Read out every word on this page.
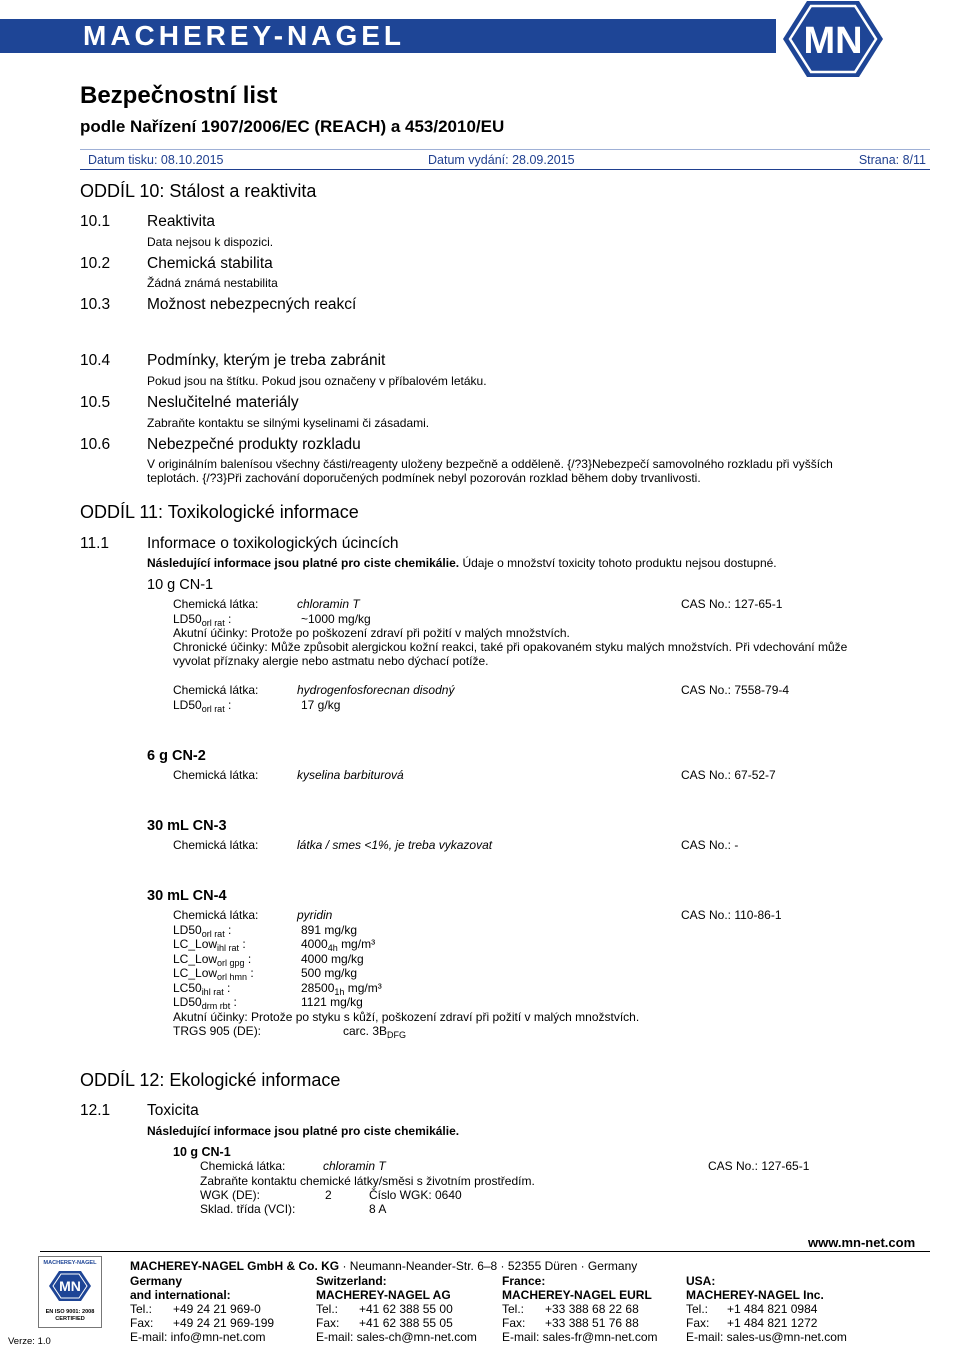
MACHEREY-NAGEL	MN
Bezpečnostní list
podle Nařízení 1907/2006/EC (REACH) a 453/2010/EU
Datum tisku: 08.10.2015	Datum vydání: 28.09.2015	Strana: 8/11
ODDÍL 10: Stálost a reaktivita
10.1 Reaktivita
Data nejsou k dispozici.
10.2 Chemická stabilita
Žádná známá nestabilita
10.3 Možnost nebezpecných reakcí
10.4 Podmínky, kterým je treba zabránit
Pokud jsou na štítku. Pokud jsou označeny v příbalovém letáku.
10.5 Neslučitelné materiály
Zabraňte kontaktu se silnými kyselinami či zásadami.
10.6 Nebezpečné produkty rozkladu
V originálním balenísou všechny části/reagenty uloženy bezpečně a odděleně. {/?3}Nebezpečí samovolného rozkladu při vyšších
teplotách. {/?3}Při zachování doporučených podmínek nebyl pozorován rozklad během doby trvanlivosti.
ODDÍL 11: Toxikologické informace
11.1 Informace o toxikologických úcincích
Následující informace jsou platné pro ciste chemikálie. Údaje o množství toxicity tohoto produktu nejsou dostupné.
10 g CN-1
Chemická látka:	chloramin T	CAS No.: 127-65-1
$LD50_{orl rat}$ :	~1000 mg/kg
Akutní účinky: Protože po poškození zdraví při požití v malých množstvích.
Chronické účinky: Může způsobit alergickou kožní reakci, také při opakovaném styku malých množstvích. Při vdechování může
vyvolat příznaky alergie nebo astmatu nebo dýchací potíže.
Chemická látka:	hydrogenfosforecnan disodný	CAS No.: 7558-79-4
$LD50_{orl rat}$ :	17 g/kg
6 g CN-2
Chemická látka:	kyselina barbiturová	CAS No.: 67-52-7
30 mL CN-3
Chemická látka:	látka / smes <1%, je treba vykazovat	CAS No.: -
30 mL CN-4
Chemická látka:	pyridin	CAS No.: 110-86-1
$LD50_{orl rat}$ :	891 mg/kg
LC_Low$_{ihl rat}$ :	$4000_{4h}$ mg/m³
LC_Low$_{orl gpg}$ :	4000 mg/kg
LC_Low$_{orl hmn}$ :	500 mg/kg
$LC50_{ihl rat}$ :	$28500_{1h}$ mg/m³
$LD50_{drm rbt}$ :	1121 mg/kg
Akutní účinky: Protože po styku s kůží, poškození zdraví při požití v malých množstvích.
TRGS 905 (DE):	carc. $3B_{DFG}$
ODDÍL 12: Ekologické informace
12.1 Toxicita
Následující informace jsou platné pro ciste chemikálie.
10 g CN-1
Chemická látka:	chloramin T	CAS No.: 127-65-1
Zabraňte kontaktu chemické látky/směsi s životním prostředím.
WGK (DE):	2	Číslo WGK: 0640
Sklad. třída (VCI):	8 A
www.mn-net.com
MACHEREY-NAGEL
MN
EN ISO 9001: 2008
CERTIFIED
MACHEREY-NAGEL GmbH & Co. KG · Neumann-Neander-Str. 6–8 · 52355 Düren · Germany
Germany
and international:
Tel.: +49 24 21 969-0
Fax: +49 24 21 969-199
E-mail: info@mn-net.com
Switzerland:
MACHEREY-NAGEL AG
Tel.: +41 62 388 55 00
Fax: +41 62 388 55 05
E-mail: sales-ch@mn-net.com
France:
MACHEREY-NAGEL EURL
Tel.: +33 388 68 22 68
Fax: +33 388 51 76 88
E-mail: sales-fr@mn-net.com
USA:
MACHEREY-NAGEL Inc.
Tel.: +1 484 821 0984
Fax: +1 484 821 1272
E-mail: sales-us@mn-net.com
Verze: 1.0
